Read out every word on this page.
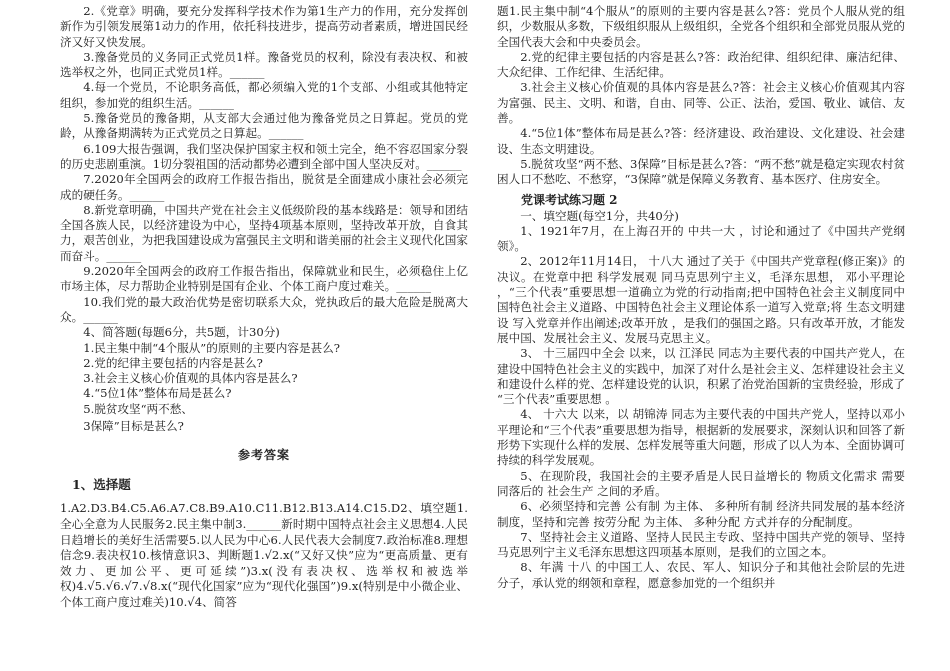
2.《党章》明确，要充分发挥科学技术作为第1生产力的作用，充分发挥创新作为引领发展第1动力的作用，依托科技进步，提高劳动者素质，增进国民经济又好又快发展。

3.豫备党员的义务同正式党员1样。豫备党员的权利，除没有表决权、和被选举权之外，也同正式党员1样。______

4.每一个党员，不论职务高低，都必须编入党的1个支部、小组或其他特定组织，参加党的组织生活。______

5.豫备党员的豫备期，从支部大会通过他为豫备党员之日算起。党员的党龄，从豫备期满转为正式党员之日算起。______

6.109大报告强调，我们坚决保护国家主权和领土完全，绝不容忍国家分裂的历史悲剧重演。1切分裂祖国的活动都势必遭到全部中国人坚决反对。______

7.2020年全国两会的政府工作报告指出，脱贫是全面建成小康社会必须完成的硬任务。______

8.新党章明确，中国共产党在社会主义低级阶段的基本线路是：领导和团结全国各族人民，以经济建设为中心，坚持4项基本原则，坚持改革开放，自食其力，艰苦创业，为把我国建设成为富强民主文明和谐美丽的社会主义现代化国家而奋斗。______

9.2020年全国两会的政府工作报告指出，保障就业和民生，必须稳住上亿市场主体，尽力帮助企业特别是国有企业、个体工商户度过难关。______

10.我们党的最大政治优势是密切联系大众，党执政后的最大危险是脱离大众。______

4、简答题(每题6分，共5题，计30分)

1.民主集中制“4个服从”的原则的主要内容是甚么?

2.党的纪律主要包括的内容是甚么?

3.社会主义核心价值观的具体内容是甚么?

4.“5位1体”整体布局是甚么?

5.脱贫攻坚“两不愁、

3保障”目标是甚么?

参考答案
1、选择题

1.A2.D3.B4.C5.A6.A7.C8.B9.A10.C11.B12.B13.A14.C15.D2、填空题1.全心全意为人民服务2.民主集中制3.______新时期中国特点社会主义思想4.人民日趋增长的美好生活需要5.以人民为中心6.人民代表大会制度7.政治标准8.理想信念9.表决权10.核情意识3、判断题1.√2.x(“又好又快”应为“更高质量、更有效力、更加公平、更可延续”)3.x(没有表决权、选举权和被选举权)4.√5.√6.√7.√8.x(“现代化国家”应为“现代化强国”)9.x(特别是中小微企业、个体工商户度过难关)10.√4、简答

题1.民主集中制“4个服从”的原则的主要内容是甚么?答：党员个人服从党的组织，少数服从多数，下级组织服从上级组织，全党各个组织和全部党员服从党的全国代表大会和中央委员会。

2.党的纪律主要包括的内容是甚么?答：政治纪律、组织纪律、廉洁纪律、大众纪律、工作纪律、生活纪律。

3.社会主义核心价值观的具体内容是甚么?答：社会主义核心价值观其内容为富强、民主、文明、和谐，自由、同等、公正、法治，爱国、敬业、诚信、友善。

4.“5位1体”整体布局是甚么?答：经济建设、政治建设、文化建设、社会建设、生态文明建设。

5.脱贫攻坚“两不愁、3保障”目标是甚么?答：“两不愁”就是稳定实现农村贫困人口不愁吃、不愁穿，“3保障”就是保障义务教育、基本医疗、住房安全。

党课考试练习题 2

一、填空题(每空1分，共40分)

1、1921年7月，在上海召开的 中共一大 ，讨论和通过了《中国共产党纲领》。

2、2012年11月14日， 十八大 通过了关于《中国共产党章程(修正案)》的决议。在党章中把 科学发展观 同马克思列宁主义，毛泽东思想， 邓小平理论 ，“三个代表”重要思想一道确立为党的行动指南;把中国特色社会主义制度同中国特色社会主义道路、中国特色社会主义理论体系一道写入党章;将 生态文明建设 写入党章并作出阐述;改革开放 ，是我们的强国之路。只有改革开放，才能发展中国、发展社会主义、发展马克思主义。

3、 十三届四中全会 以来，以 江泽民 同志为主要代表的中国共产党人，在建设中国特色社会主义的实践中，加深了对什么是社会主义、怎样建设社会主义和建设什么样的党、怎样建设党的认识，积累了治党治国新的宝贵经验，形成了 “三个代表”重要思想 。

4、 十六大 以来，以 胡锦涛 同志为主要代表的中国共产党人，坚持以邓小平理论和“三个代表”重要思想为指导，根据新的发展要求，深刻认识和回答了新形势下实现什么样的发展、怎样发展等重大问题，形成了以人为本、全面协调可持续的科学发展观。

5、在现阶段，我国社会的主要矛盾是人民日益增长的 物质文化需求 需要同落后的 社会生产 之间的矛盾。

6、必须坚持和完善 公有制 为主体、 多种所有制 经济共同发展的基本经济制度，坚持和完善 按劳分配 为主体、 多种分配 方式并存的分配制度。

7、坚持社会主义道路、坚持人民民主专政、坚持中国共产党的领导、坚持马克思列宁主义毛泽东思想这四项基本原则，是我们的立国之本。

8、年满 十八 的中国工人、农民、军人、知识分子和其他社会阶层的先进分子，承认党的纲领和章程，愿意参加党的一个组织并
